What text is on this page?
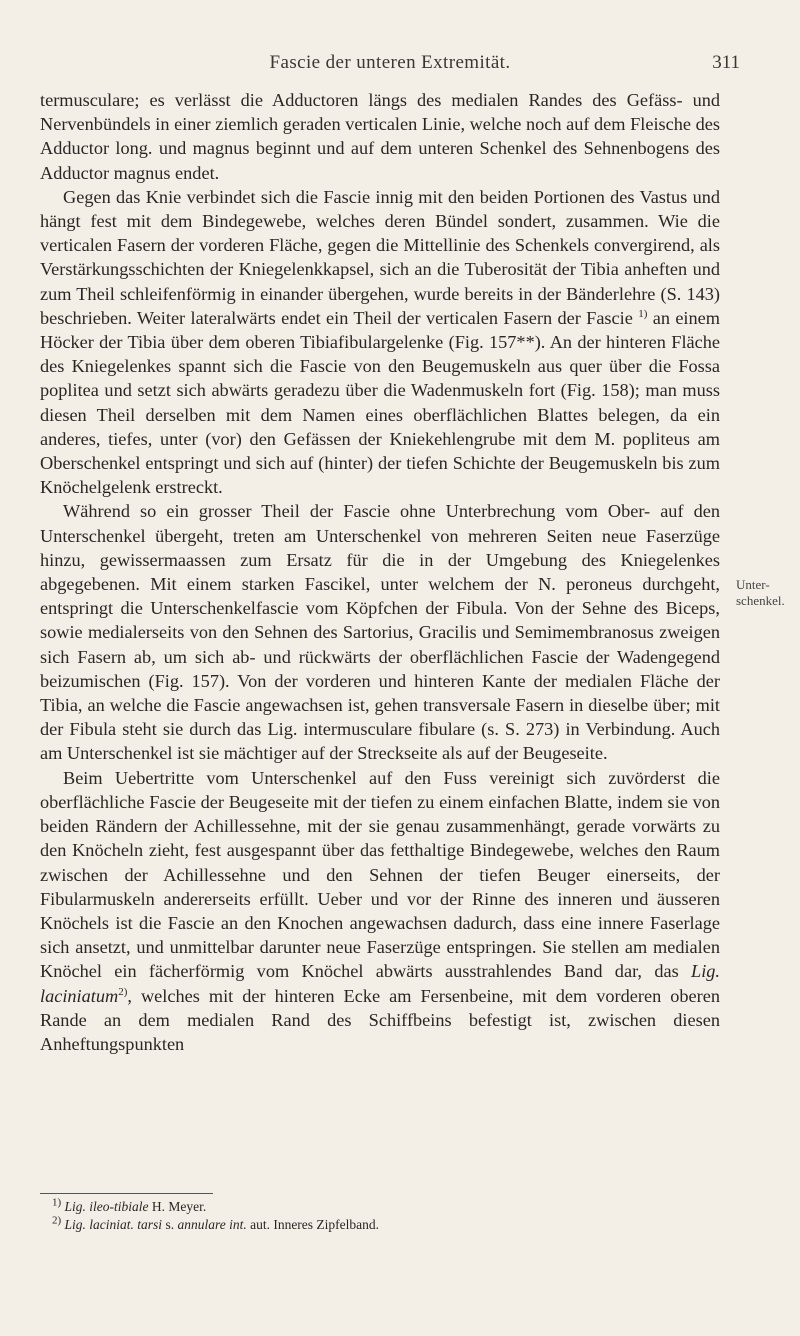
Fascie der unteren Extremität.	311

termusculare; es verlässt die Adductoren längs des medialen Randes des Gefäss- und Nervenbündels in einer ziemlich geraden verticalen Linie, welche noch auf dem Fleische des Adductor long. und magnus beginnt und auf dem unteren Schenkel des Sehnenbogens des Adductor magnus endet.

Gegen das Knie verbindet sich die Fascie innig mit den beiden Portionen des Vastus und hängt fest mit dem Bindegewebe, welches deren Bündel sondert, zusammen. Wie die verticalen Fasern der vorderen Fläche, gegen die Mittellinie des Schenkels convergirend, als Verstärkungsschichten der Kniegelenkkapsel, sich an die Tuberosität der Tibia anheften und zum Theil schleifenförmig in einander übergehen, wurde bereits in der Bänderlehre (S. 143) beschrieben. Weiter lateralwärts endet ein Theil der verticalen Fasern der Fascie $^{1)}$ an einem Höcker der Tibia über dem oberen Tibiafibulargelenke (Fig. 157**). An der hinteren Fläche des Kniegelenkes spannt sich die Fascie von den Beugemuskeln aus quer über die Fossa poplitea und setzt sich abwärts geradezu über die Wadenmuskeln fort (Fig. 158); man muss diesen Theil derselben mit dem Namen eines oberflächlichen Blattes belegen, da ein anderes, tiefes, unter (vor) den Gefässen der Kniekehlengrube mit dem M. popliteus am Oberschenkel entspringt und sich auf (hinter) der tiefen Schichte der Beugemuskeln bis zum Knöchelgelenk erstreckt.

Während so ein grosser Theil der Fascie ohne Unterbrechung vom Ober- auf den Unterschenkel übergeht, treten am Unterschenkel von mehreren Seiten neue Faserzüge hinzu, gewissermaassen zum Ersatz für die in der Umgebung des Kniegelenkes abgegebenen. Mit einem starken Fascikel, unter welchem der N. peroneus durchgeht, entspringt die Unterschenkelfascie vom Köpfchen der Fibula. Von der Sehne des Biceps, sowie medialerseits von den Sehnen des Sartorius, Gracilis und Semimembranosus zweigen sich Fasern ab, um sich ab- und rückwärts der oberflächlichen Fascie der Wadengegend beizumischen (Fig. 157). Von der vorderen und hinteren Kante der medialen Fläche der Tibia, an welche die Fascie angewachsen ist, gehen transversale Fasern in dieselbe über; mit der Fibula steht sie durch das Lig. intermusculare fibulare (s. S. 273) in Verbindung. Auch am Unterschenkel ist sie mächtiger auf der Streckseite als auf der Beugeseite.

Beim Uebertritte vom Unterschenkel auf den Fuss vereinigt sich zuvörderst die oberflächliche Fascie der Beugeseite mit der tiefen zu einem einfachen Blatte, indem sie von beiden Rändern der Achillessehne, mit der sie genau zusammenhängt, gerade vorwärts zu den Knöcheln zieht, fest ausgespannt über das fetthaltige Bindegewebe, welches den Raum zwischen der Achillessehne und den Sehnen der tiefen Beuger einerseits, der Fibularmuskeln andererseits erfüllt. Ueber und vor der Rinne des inneren und äusseren Knöchels ist die Fascie an den Knochen angewachsen dadurch, dass eine innere Faserlage sich ansetzt, und unmittelbar darunter neue Faserzüge entspringen. Sie stellen am medialen Knöchel ein fächerförmig vom Knöchel abwärts ausstrahlendes Band dar, das Lig. laciniatum$^{2)}$, welches mit der hinteren Ecke am Fersenbeine, mit dem vorderen oberen Rande an dem medialen Rand des Schiffbeins befestigt ist, zwischen diesen Anheftungspunkten

Unter-
schenkel.
$^{1)}$ Lig. ileo-tibiale H. Meyer.
$^{2)}$ Lig. laciniat. tarsi s. annulare int. aut. Inneres Zipfelband.
